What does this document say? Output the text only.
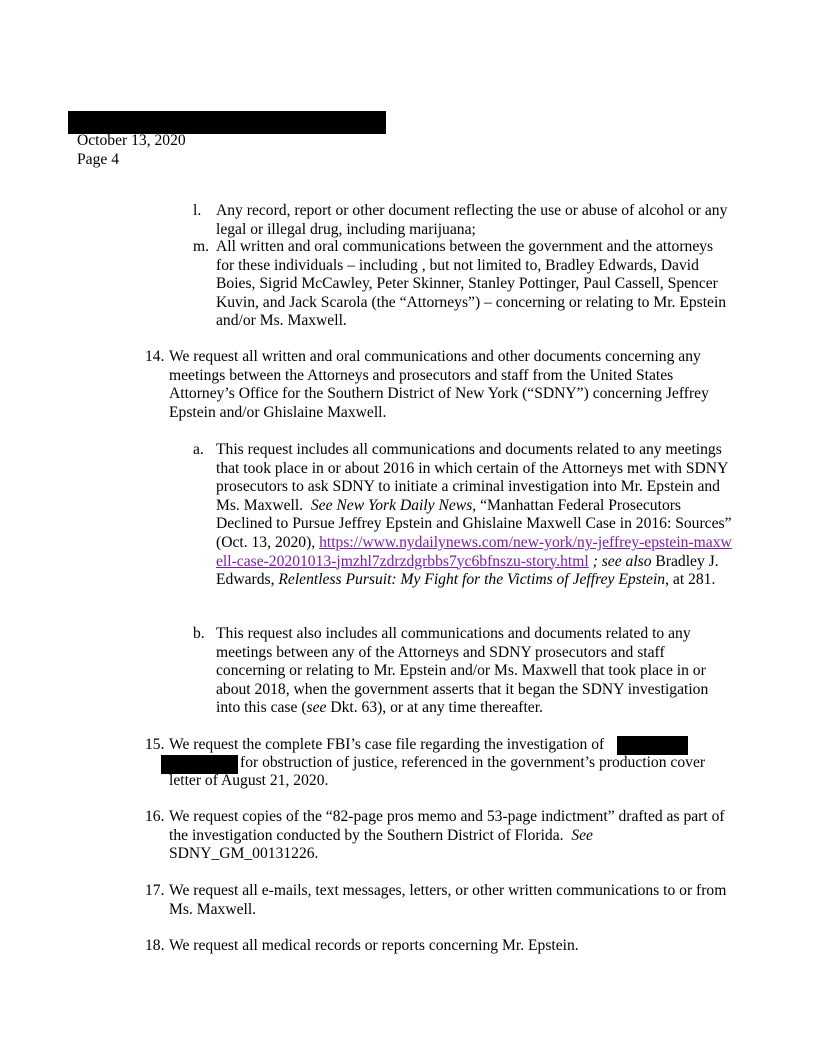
October 13, 2020
Page 4
l. Any record, report or other document reflecting the use or abuse of alcohol or any legal or illegal drug, including marijuana;
m. All written and oral communications between the government and the attorneys for these individuals – including , but not limited to, Bradley Edwards, David Boies, Sigrid McCawley, Peter Skinner, Stanley Pottinger, Paul Cassell, Spencer Kuvin, and Jack Scarola (the “Attorneys”) – concerning or relating to Mr. Epstein and/or Ms. Maxwell.
14. We request all written and oral communications and other documents concerning any meetings between the Attorneys and prosecutors and staff from the United States Attorney’s Office for the Southern District of New York (“SDNY”) concerning Jeffrey Epstein and/or Ghislaine Maxwell.
a. This request includes all communications and documents related to any meetings that took place in or about 2016 in which certain of the Attorneys met with SDNY prosecutors to ask SDNY to initiate a criminal investigation into Mr. Epstein and Ms. Maxwell. See New York Daily News, “Manhattan Federal Prosecutors Declined to Pursue Jeffrey Epstein and Ghislaine Maxwell Case in 2016: Sources” (Oct. 13, 2020), https://www.nydailynews.com/new-york/ny-jeffrey-epstein-maxwell-case-20201013-jmzhl7zdrzdgrbbs7yc6bfnszu-story.html ; see also Bradley J. Edwards, Relentless Pursuit: My Fight for the Victims of Jeffrey Epstein, at 281.
b. This request also includes all communications and documents related to any meetings between any of the Attorneys and SDNY prosecutors and staff concerning or relating to Mr. Epstein and/or Ms. Maxwell that took place in or about 2018, when the government asserts that it began the SDNY investigation into this case (see Dkt. 63), or at any time thereafter.
15. We request the complete FBI’s case file regarding the investigation of
for obstruction of justice, referenced in the government’s production cover
letter of August 21, 2020.
16. We request copies of the “82-page pros memo and 53-page indictment” drafted as part of the investigation conducted by the Southern District of Florida. See
SDNY_GM_00131226.
17. We request all e-mails, text messages, letters, or other written communications to or from Ms. Maxwell.
18. We request all medical records or reports concerning Mr. Epstein.
